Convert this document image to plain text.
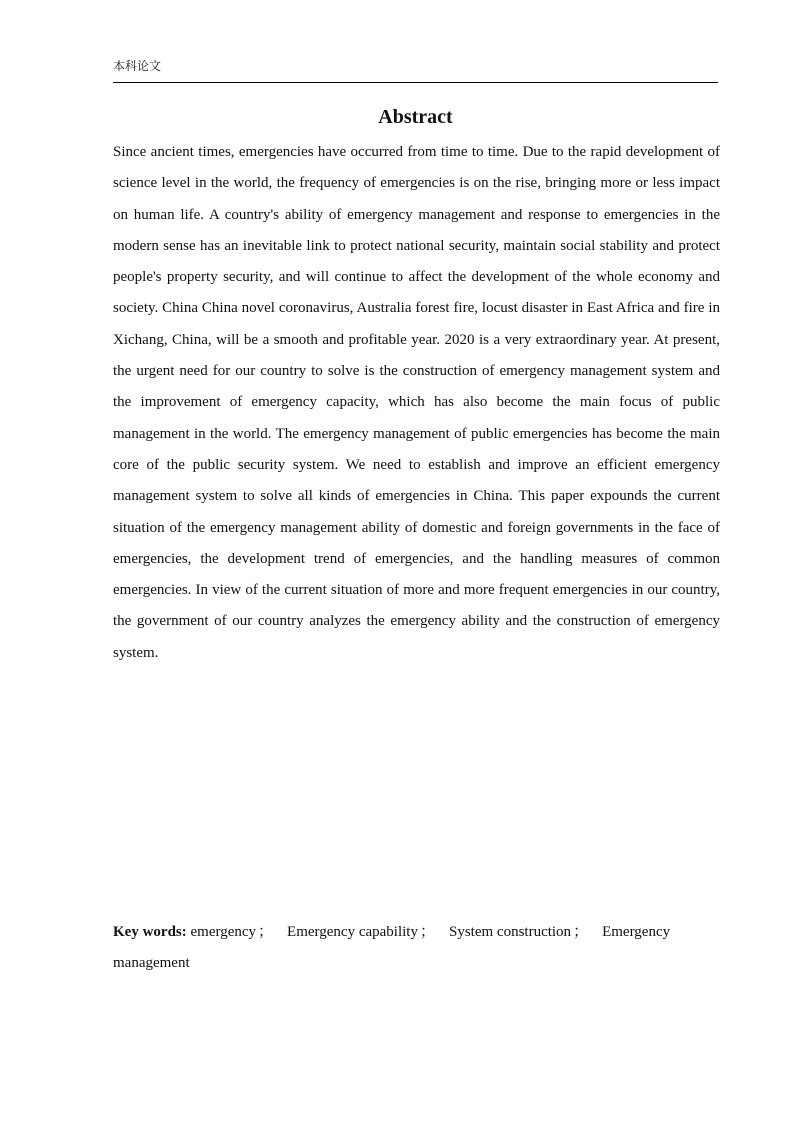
本科论文
Abstract

Since ancient times, emergencies have occurred from time to time. Due to the rapid development of science level in the world, the frequency of emergencies is on the rise, bringing more or less impact on human life. A country's ability of emergency management and response to emergencies in the modern sense has an inevitable link to protect national security, maintain social stability and protect people's property security, and will continue to affect the development of the whole economy and society. China China novel coronavirus, Australia forest fire, locust disaster in East Africa and fire in Xichang, China, will be a smooth and profitable year. 2020 is a very extraordinary year. At present, the urgent need for our country to solve is the construction of emergency management system and the improvement of emergency capacity, which has also become the main focus of public management in the world. The emergency management of public emergencies has become the main core of the public security system. We need to establish and improve an efficient emergency management system to solve all kinds of emergencies in China. This paper expounds the current situation of the emergency management ability of domestic and foreign governments in the face of emergencies, the development trend of emergencies, and the handling measures of common emergencies. In view of the current situation of more and more frequent emergencies in our country, the government of our country analyzes the emergency ability and the construction of emergency system.

Key words: emergency ； Emergency capability ； System construction ； Emergency management
